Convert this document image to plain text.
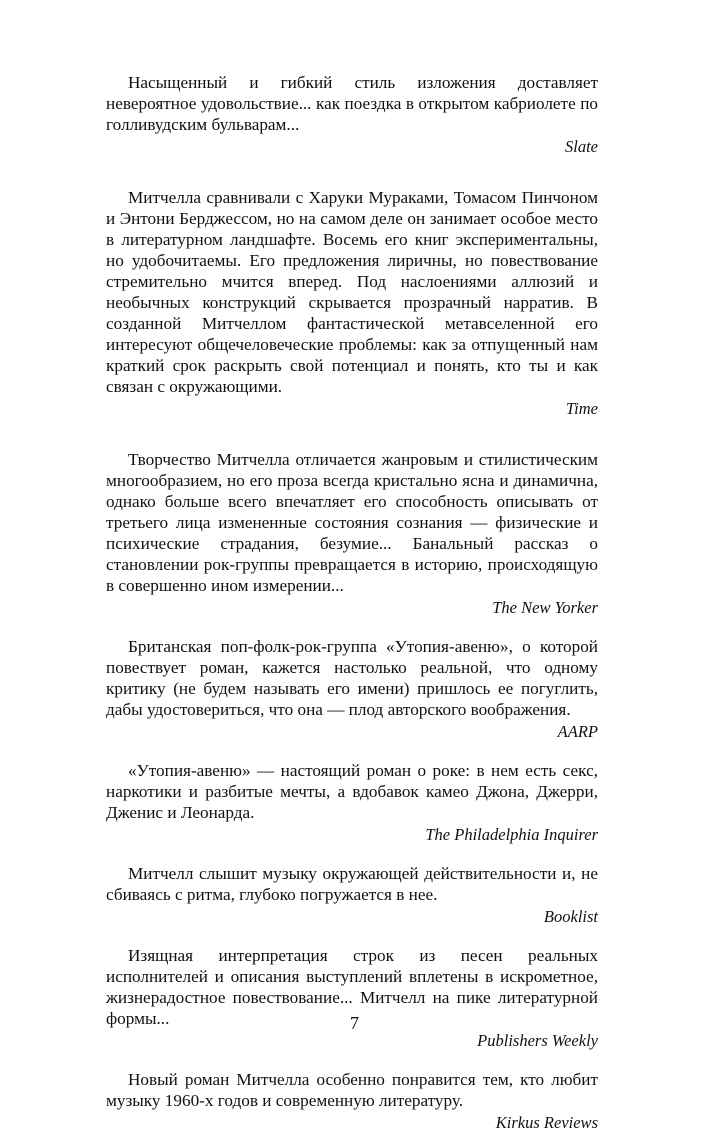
Насыщенный и гибкий стиль изложения доставляет невероятное удовольствие... как поездка в открытом кабриолете по голливудским бульварам...

Slate

Митчелла сравнивали с Харуки Мураками, Томасом Пинчоном и Энтони Берджессом, но на самом деле он занимает особое место в литературном ландшафте. Восемь его книг экспериментальны, но удобочитаемы. Его предложения лиричны, но повествование стремительно мчится вперед. Под наслоениями аллюзий и необычных конструкций скрывается прозрачный нарратив. В созданной Митчеллом фантастической метавселенной его интересуют общечеловеческие проблемы: как за отпущенный нам краткий срок раскрыть свой потенциал и понять, кто ты и как связан с окружающими.

Time

Творчество Митчелла отличается жанровым и стилистическим многообразием, но его проза всегда кристально ясна и динамична, однако больше всего впечатляет его способность описывать от третьего лица измененные состояния сознания — физические и психические страдания, безумие... Банальный рассказ о становлении рок-группы превращается в историю, происходящую в совершенно ином измерении...

The New Yorker

Британская поп-фолк-рок-группа «Утопия-авеню», о которой повествует роман, кажется настолько реальной, что одному критику (не будем называть его имени) пришлось ее погуглить, дабы удостовериться, что она — плод авторского воображения.

AARP

«Утопия-авеню» — настоящий роман о роке: в нем есть секс, наркотики и разбитые мечты, а вдобавок камео Джона, Джерри, Дженис и Леонарда.

The Philadelphia Inquirer

Митчелл слышит музыку окружающей действительности и, не сбиваясь с ритма, глубоко погружается в нее.

Booklist

Изящная интерпретация строк из песен реальных исполнителей и описания выступлений вплетены в искрометное, жизнерадостное повествование... Митчелл на пике литературной формы...

Publishers Weekly

Новый роман Митчелла особенно понравится тем, кто любит музыку 1960-х годов и современную литературу.

Kirkus Reviews

7
